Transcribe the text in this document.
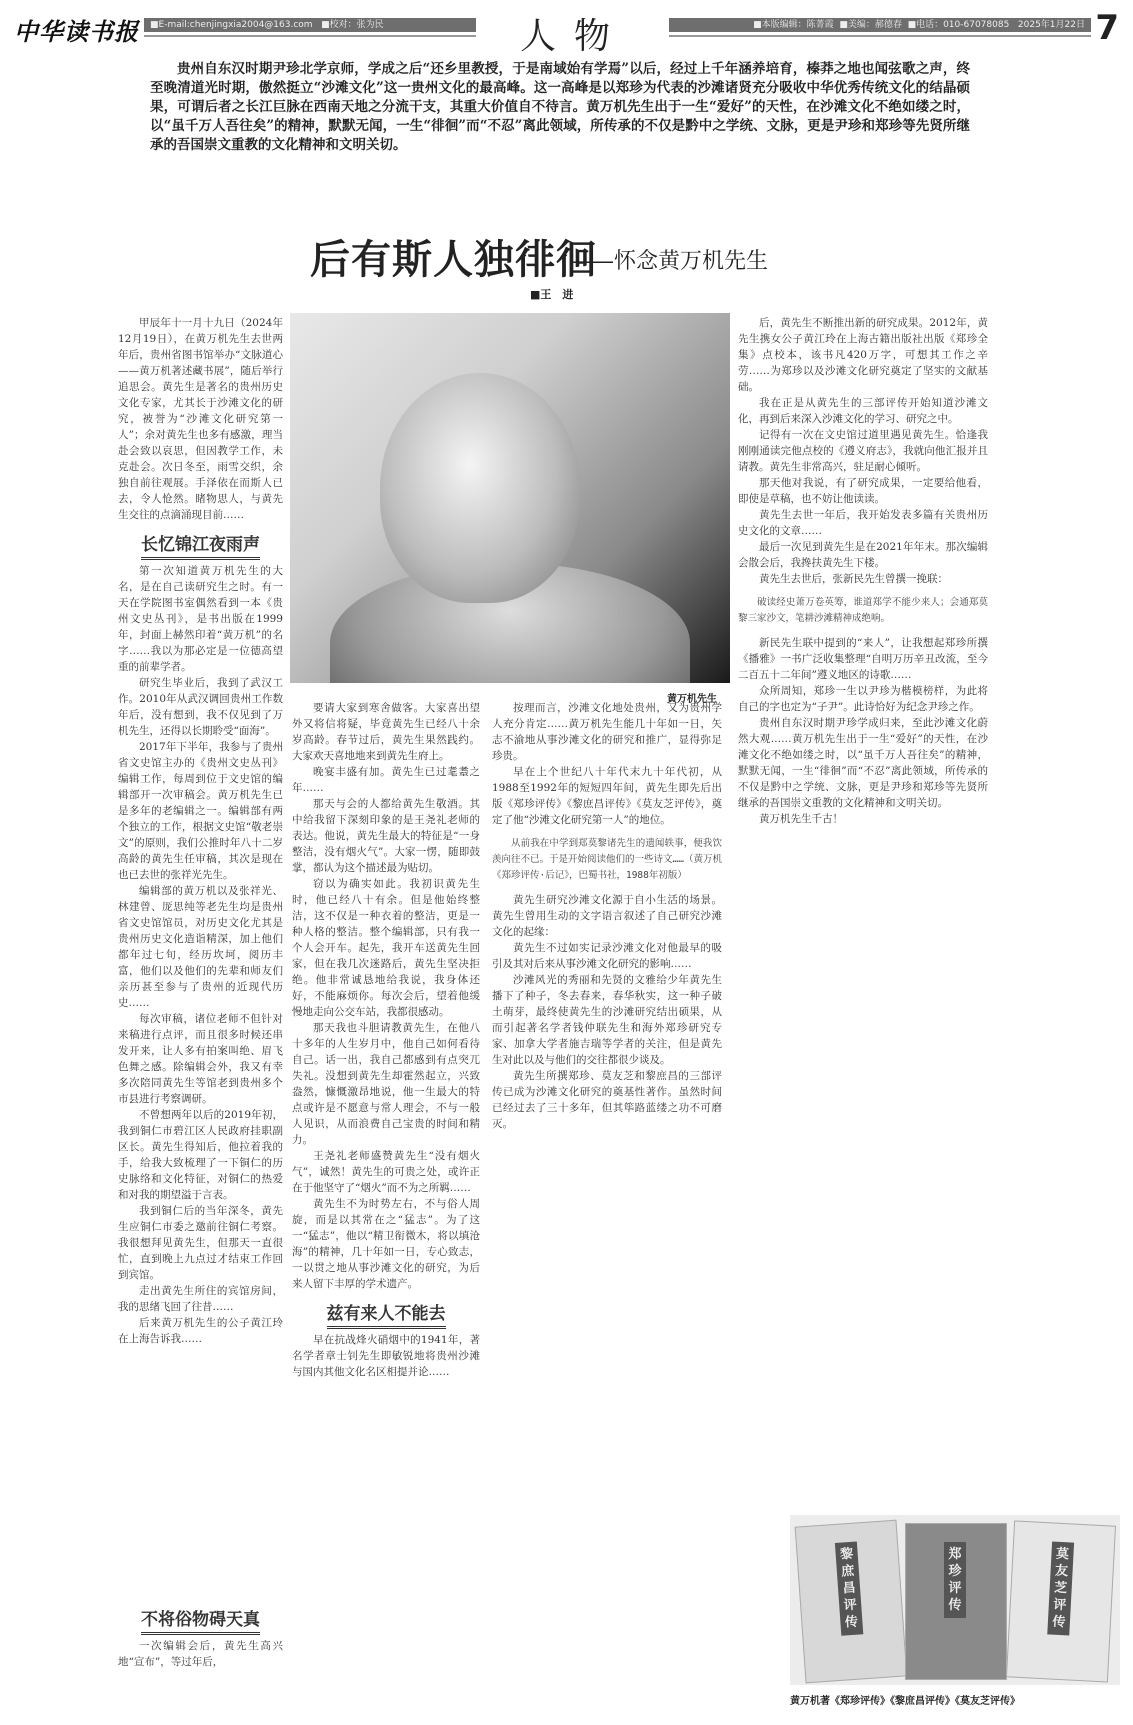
中华读书报	■E-mail:chenjingxia2004@163.com ■校对：张为民	人物	■本版编辑：陈菁霞 ■美编：郝德春 ■电话：010-67078085 2025年1月22日 7
贵州自东汉时期尹珍北学京师，学成之后“还乡里教授，于是南域始有学焉”以后，经过上千年涵养培育，榛莽之地也闻弦歌之声，终至晚清道光时期，傲然挺立“沙滩文化”这一贵州文化的最高峰。这一高峰是以郑珍为代表的沙滩诸贤充分吸收中华优秀传统文化的结晶硕果，可谓后者之长江巨脉在西南天地之分流干支，其重大价值自不待言。黄万机先生出于一生“爱好”的天性，在沙滩文化不绝如缕之时，以“虽千万人吾往矣”的精神，默默无闻，一生“徘徊”而“不忍”离此领域，所传承的不仅是黔中之学统、文脉，更是尹珍和郑珍等先贤所继承的吾国崇文重教的文化精神和文明关切。
后有斯人独徘徊
——怀念黄万机先生
■王　进

甲辰年十一月十九日（2024年12月19日），在黄万机先生去世两年后，贵州省图书馆举办“文脉道心——黄万机著述藏书展”，随后举行追思会。黄先生是著名的贵州历史文化专家，尤其长于沙滩文化的研究，被誉为“沙滩文化研究第一人”；余对黄先生也多有感激，理当赴会致以哀思，但因教学工作，未克赴会。次日冬至，雨雪交织，余独自前往观展。手泽依在而斯人已去，令人怆然。睹物思人，与黄先生交往的点滴涌现目前……

长忆锦江夜雨声

第一次知道黄万机先生的大名，是在自己读研究生之时。有一天在学院图书室偶然看到一本《贵州文史丛刊》，是书出版在1999年，封面上赫然印着“黄万机”的名字……我以为那必定是一位德高望重的前辈学者。

研究生毕业后，我到了武汉工作。2010年从武汉调回贵州工作数年后，没有想到，我不仅见到了万机先生，还得以长期聆受“面海”。

2017年下半年，我参与了贵州省文史馆主办的《贵州文史丛刊》编辑工作，每周到位于文史馆的编辑部开一次审稿会。黄万机先生已是多年的老编辑之一。编辑部有两个独立的工作，根据文史馆“敬老崇文”的原则，我们公推时年八十二岁高龄的黄先生任审稿，其次是现在也已去世的张祥光先生。

编辑部的黄万机以及张祥光、林建曾、厐思纯等老先生均是贵州省文史馆馆员，对历史文化尤其是贵州历史文化造诣精深，加上他们都年过七旬，经历坎坷，阅历丰富，他们以及他们的先辈和师友们亲历甚至参与了贵州的近现代历史……

每次审稿，诸位老师不但针对来稿进行点评，而且很多时候还串发开来，让人多有拍案叫绝、眉飞色舞之感。除编辑会外，我又有幸多次陪同黄先生等馆老到贵州多个市县进行考察调研。

不曾想两年以后的2019年初，我到铜仁市碧江区人民政府挂职副区长。黄先生得知后，他拉着我的手，给我大致梳理了一下铜仁的历史脉络和文化特征，对铜仁的热爱和对我的期望溢于言表。

我到铜仁后的当年深冬，黄先生应铜仁市委之邀前往铜仁考察。我很想拜见黄先生，但那天一直很忙，直到晚上九点过才结束工作回到宾馆。

走出黄先生所住的宾馆房间，我的思绪飞回了往昔……

后来黄万机先生的公子黄江玲在上海告诉我……

不将俗物碍天真

一次编辑会后，黄先生高兴地“宣布”，等过年后，

黄万机先生

要请大家到寒舍做客。大家喜出望外又将信将疑，毕竟黄先生已经八十余岁高龄。春节过后，黄先生果然践约。大家欢天喜地地来到黄先生府上。

晚宴丰盛有加。黄先生已过耄耋之年……

那天与会的人都给黄先生敬酒。其中给我留下深刻印象的是王尧礼老师的表达。他说，黄先生最大的特征是“一身整洁，没有烟火气”。大家一愣，随即鼓掌，都认为这个描述最为贴切。

窃以为确实如此。我初识黄先生时，他已经八十有余。但是他始终整洁，这不仅是一种衣着的整洁，更是一种人格的整洁。整个编辑部，只有我一个人会开车。起先，我开车送黄先生回家，但在我几次迷路后，黄先生坚决拒绝。他非常诚恳地给我说，我身体还好，不能麻烦你。每次会后，望着他缓慢地走向公交车站，我都很感动。

那天我也斗胆请教黄先生，在他八十多年的人生岁月中，他自己如何看待自己。话一出，我自己都感到有点突兀失礼。没想到黄先生却霍然起立，兴致盎然，慷慨激昂地说，他一生最大的特点或许是不愿意与常人理会，不与一般人见识，从而浪费自己宝贵的时间和精力。

王尧礼老师盛赞黄先生“没有烟火气”，诚然！黄先生的可贵之处，或许正在于他坚守了“烟火”而不为之所羁……

黄先生不为时势左右，不与俗人周旋，而是以其常在之“猛志”。为了这一“猛志”，他以“精卫衔微木，将以填沧海”的精神，几十年如一日，专心致志，一以贯之地从事沙滩文化的研究，为后来人留下丰厚的学术遗产。

兹有来人不能去

早在抗战烽火硝烟中的1941年，著名学者章士钊先生即敏锐地将贵州沙滩与国内其他文化名区相提并论……

按理而言，沙滩文化地处贵州，又为贵州学人充分肯定……黄万机先生能几十年如一日，矢志不渝地从事沙滩文化的研究和推广，显得弥足珍贵。

早在上个世纪八十年代末九十年代初，从1988至1992年的短短四年间，黄先生即先后出版《郑珍评传》《黎庶昌评传》《莫友芝评传》，奠定了他“沙滩文化研究第一人”的地位。

从前我在中学到郑莫黎诸先生的遗闻轶事，便我饮羡向往不已。于是开始阅读他们的一些诗文……（黄万机《郑珍评传·后记》，巴蜀书社，1988年初版）

黄先生研究沙滩文化源于自小生活的场景。黄先生曾用生动的文字语言叙述了自己研究沙滩文化的起缘：

黄先生不过如实记录沙滩文化对他最早的吸引及其对后来从事沙滩文化研究的影响……

沙滩风光的秀丽和先贤的文雅给少年黄先生播下了种子，冬去春来，春华秋实，这一种子破土萌芽，最终使黄先生的沙滩研究结出硕果，从而引起著名学者钱仲联先生和海外郑珍研究专家、加拿大学者施吉瑞等学者的关注，但是黄先生对此以及与他们的交往都很少谈及。

黄先生所撰郑珍、莫友芝和黎庶昌的三部评传已成为沙滩文化研究的奠基性著作。虽然时间已经过去了三十多年，但其筚路蓝缕之功不可磨灭。

后，黄先生不断推出新的研究成果。2012年，黄先生携女公子黄江玲在上海古籍出版社出版《郑珍全集》点校本，该书凡420万字，可想其工作之辛劳……为郑珍以及沙滩文化研究奠定了坚实的文献基础。

我在正是从黄先生的三部评传开始知道沙滩文化，再到后来深入沙滩文化的学习、研究之中。

记得有一次在文史馆过道里遇见黄先生。恰逢我刚刚通读完他点校的《遵义府志》，我就向他汇报并且请教。黄先生非常高兴，驻足耐心倾听。

那天他对我说，有了研究成果，一定要给他看，即使是草稿，也不妨让他读读。

黄先生去世一年后，我开始发表多篇有关贵州历史文化的文章……

最后一次见到黄先生是在2021年年末。那次编辑会散会后，我搀扶黄先生下楼。

黄先生去世后，张新民先生曾撰一挽联：

破读经史萧万卷英筹，谁道郑学不能少来人；会通郑莫黎三家沙文，笔耕沙滩精神成绝响。

新民先生联中提到的“来人”，让我想起郑珍所撰《播雅》一书广泛收集整理“自明万历辛丑改流，至今二百五十二年间”遵义地区的诗歌……

众所周知，郑珍一生以尹珍为楷模榜样，为此将自己的字也定为“子尹”。此诗恰好为纪念尹珍之作。

贵州自东汉时期尹珍学成归来，至此沙滩文化蔚然大观……黄万机先生出于一生“爱好”的天性，在沙滩文化不绝如缕之时，以“虽千万人吾往矣”的精神，默默无闻，一生“徘徊”而“不忍”离此领域，所传承的不仅是黔中之学统、文脉，更是尹珍和郑珍等先贤所继承的吾国崇文重教的文化精神和文明关切。

黄万机先生千古！

黎庶昌评传
郑珍评传
莫友芝评传
黄万机著《郑珍评传》《黎庶昌评传》《莫友芝评传》
